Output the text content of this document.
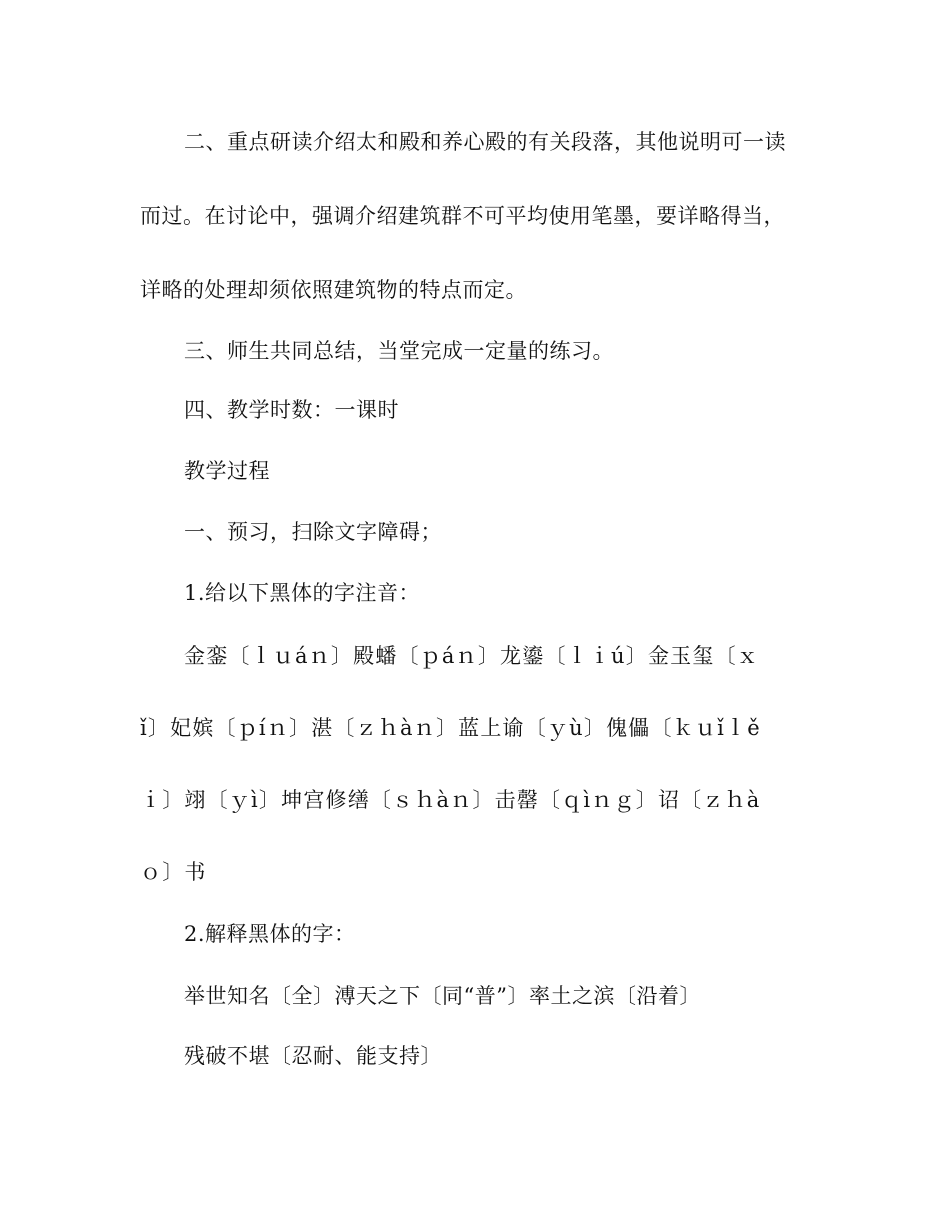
二、重点研读介绍太和殿和养心殿的有关段落，其他说明可一读
而过。在讨论中，强调介绍建筑群不可平均使用笔墨，要详略得当，
详略的处理却须依照建筑物的特点而定。
三、师生共同总结，当堂完成一定量的练习。
四、教学时数：一课时
教学过程
一、预习，扫除文字障碍；
1.给以下黑体的字注音：
金銮〔ｌｕáｎ〕殿蟠〔ｐáｎ〕龙鎏〔ｌｉú〕金玉玺〔ｘ
ǐ〕妃嫔〔ｐíｎ〕湛〔ｚｈàｎ〕蓝上谕〔ｙù〕傀儡〔ｋｕǐｌě
ｉ〕翊〔ｙì〕坤宫修缮〔ｓｈàｎ〕击罄〔ｑìｎｇ〕诏〔ｚｈà
ｏ〕书
2.解释黑体的字：
举世知名〔全〕溥天之下〔同“普”〕率土之滨〔沿着〕
残破不堪〔忍耐、能支持〕
